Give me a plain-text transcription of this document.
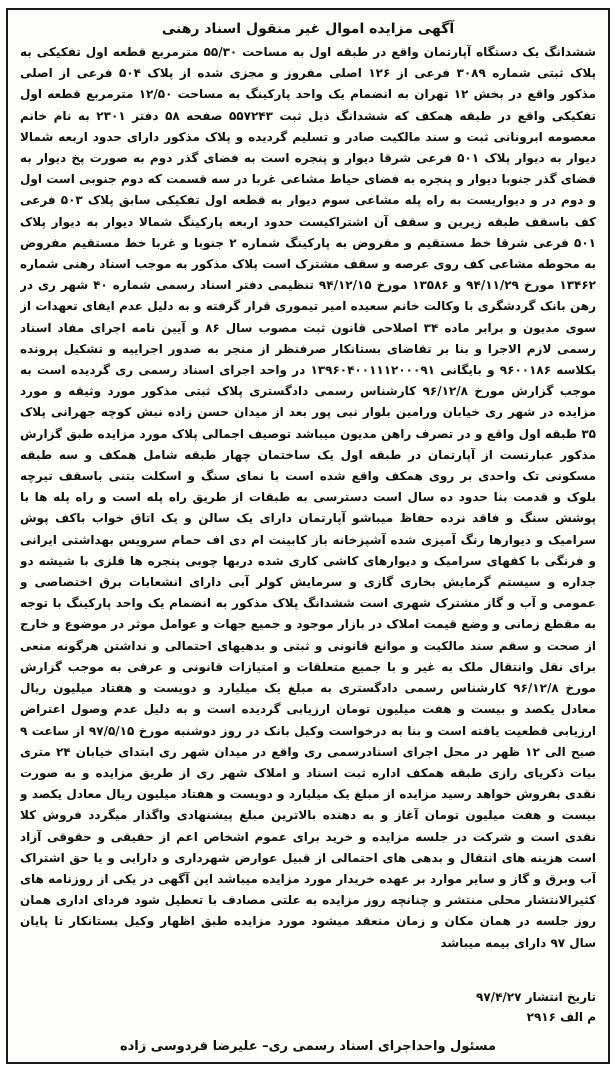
آگهی مزایده اموال غیر منقول اسناد رهنی

ششدانگ یک دستگاه آپارتمان واقع در طبقه اول به مساحت ۵۵/۳۰ مترمربع قطعه اول تفکیکی به پلاک ثبتی شماره ۳۰۸۹ فرعی از ۱۲۶ اصلی مفروز و مجزی شده از پلاک ۵۰۴ فرعی از اصلی مذکور واقع در بخش ۱۲ تهران به انضمام یک واحد پارکینگ به مساحت ۱۲/۵۰ مترمربع قطعه اول تفکیکی واقع در طبقه همکف که ششدانگ ذیل ثبت ۵۵۷۲۴۳ صفحه ۵۸ دفتر ۲۳۰۱ به نام خانم معصومه ابرونانی ثبت و سند مالکیت صادر و تسلیم گردیده و پلاک مذکور دارای حدود اربعه شمالا دیوار به دیوار پلاک ۵۰۱ فرعی شرقا دیوار و پنجره است به فضای گذر دوم به صورت پخ دیوار به فضای گذر جنوبا دیوار و پنجره به فضای حیاط مشاعی غربا در سه قسمت که دوم جنوبی است اول و دوم در و دیواریست به راه پله مشاعی سوم دیوار به قطعه اول تفکیکی سابق پلاک ۵۰۳ فرعی کف باسقف طبقه زیرین و سقف آن اشتراکیست حدود اربعه پارکینگ شمالا دیوار به دیوار پلاک ۵۰۱ فرعی شرقا خط مستقیم و مفروض به پارکینگ شماره ۲ جنوبا و غربا خط مستقیم مفروض به محوطه مشاعی کف روی عرصه و سقف مشترک است پلاک مذکور به موجب اسناد رهنی شماره ۱۳۴۶۲ مورخ ۹۴/۱۱/۲۹ و ۱۳۵۸۶ مورخ ۹۴/۱۲/۱۵ تنظیمی دفتر اسناد رسمی شماره ۴۰ شهر ری در رهن بانک گردشگری با وکالت خانم سعیده امیر تیموری قرار گرفته و به دلیل عدم ایفای تعهدات از سوی مدیون و برابر ماده ۳۴ اصلاحی قانون ثبت مصوب سال ۸۶ و آیین نامه اجرای مفاد اسناد رسمی لازم الاجرا و بنا بر تقاضای بستانکار صرفنظر از منجر به صدور اجراییه و تشکیل پرونده بکلاسه ۹۶۰۰۱۸۶ و بایگانی ۱۳۹۶۰۴۰۰۱۱۱۲۰۰۰۹۱ در واحد اجرای اسناد رسمی ری گردیده است به موجب گزارش مورخ ۹۶/۱۲/۸ کارشناس رسمی دادگستری پلاک ثبتی مذکور مورد وثیقه و مورد مزایده در شهر ری خیابان ورامین بلوار نبی پور بعد از میدان حسن زاده نبش کوچه جهرانی پلاک ۳۵ طبقه اول واقع و در تصرف راهن مدیون میباشد توصیف اجمالی پلاک مورد مزایده طبق گزارش مذکور عبارتست از آپارتمان در طبقه اول یک ساختمان چهار طبقه شامل همکف و سه طبقه مسکونی تک واحدی بر روی همکف واقع شده است با نمای سنگ و اسکلت بتنی باسقف تیرچه بلوک و قدمت بنا حدود ده سال است دسترسی به طبقات از طریق راه پله است و راه پله ها با پوشش سنگ و فاقد نرده حفاظ میباشو آپارتمان دارای یک سالن و یک اتاق خواب باکف پوش سرامیک و دیوارها رنگ آمیزی شده آشپزخانه باز کابینت ام دی اف حمام سرویس بهداشتی ایرانی و فرنگی با کفهای سرامیک و دیوارهای کاشی کاری شده دربها چوبی پنجره ها فلزی با شیشه دو جداره و سیستم گرمایش بخاری گازی و سرمایش کولر آبی دارای انشعابات برق اختصاصی و عمومی و آب و گاز مشترک شهری است ششدانگ پلاک مذکور به انضمام یک واحد پارکینگ با توجه به مقطع زمانی و وضع قیمت املاک در بازار موجود و جمیع جهات و عوامل موثر در موضوع و خارج از صحت و سقم سند مالکیت و موانع قانونی و ثبتی و بدهیهای احتمالی و نداشتن هرگونه منعی برای نقل وانتقال ملک به غیر و با جمیع متعلقات و امتیازات قانونی و عرفی به موجب گزارش مورخ ۹۶/۱۲/۸ کارشناس رسمی دادگستری به مبلغ یک میلیارد و دویست و هفتاد میلیون ریال معادل یکصد و بیست و هفت میلیون تومان ارزیابی گردیده است و به دلیل عدم وصول اعتراض ارزیابی قطعیت یافته است و بنا به درخواست وکیل بانک در روز دوشنبه مورخ ۹۷/۵/۱۵ از ساعت ۹ صبح الی ۱۲ ظهر در محل اجرای اسنادرسمی ری واقع در میدان شهر ری ابتدای خیابان ۲۴ متری بیات ذکریای رازی طبقه همکف اداره ثبت اسناد و املاک شهر ری از طریق مزایده و به صورت نقدی بفروش خواهد رسید مزایده از مبلغ یک میلیارد و دویست و هفتاد میلیون ریال معادل یکصد و بیست و هفت میلیون تومان آغاز و به دهنده بالاترین مبلغ پیشنهادی واگذار میگردد فروش کلا نقدی است و شرکت در جلسه مزایده و خرید برای عموم اشخاص اعم از حقیقی و حقوقی آزاد است هزینه های انتقال و بدهی های احتمالی از قبیل عوارض شهرداری و دارایی و یا حق اشتراک آب وبرق و گاز و سایر موارد بر عهده خریدار مورد مزایده میباشد این آگهی در یکی از روزنامه های کثیرالانتشار محلی منتشر و چنانچه روز مزایده به علتی مصادف با تعطیل شود فردای اداری همان روز جلسه در همان مکان و زمان منعقد میشود مورد مزایده طبق اظهار وکیل بستانکار تا پایان سال ۹۷ دارای بیمه میباشد

تاریخ انتشار ۹۷/۴/۲۷

م الف ۲۹۱۶

مسئول واحداجرای اسناد رسمی ری– علیرضا فردوسی زاده
